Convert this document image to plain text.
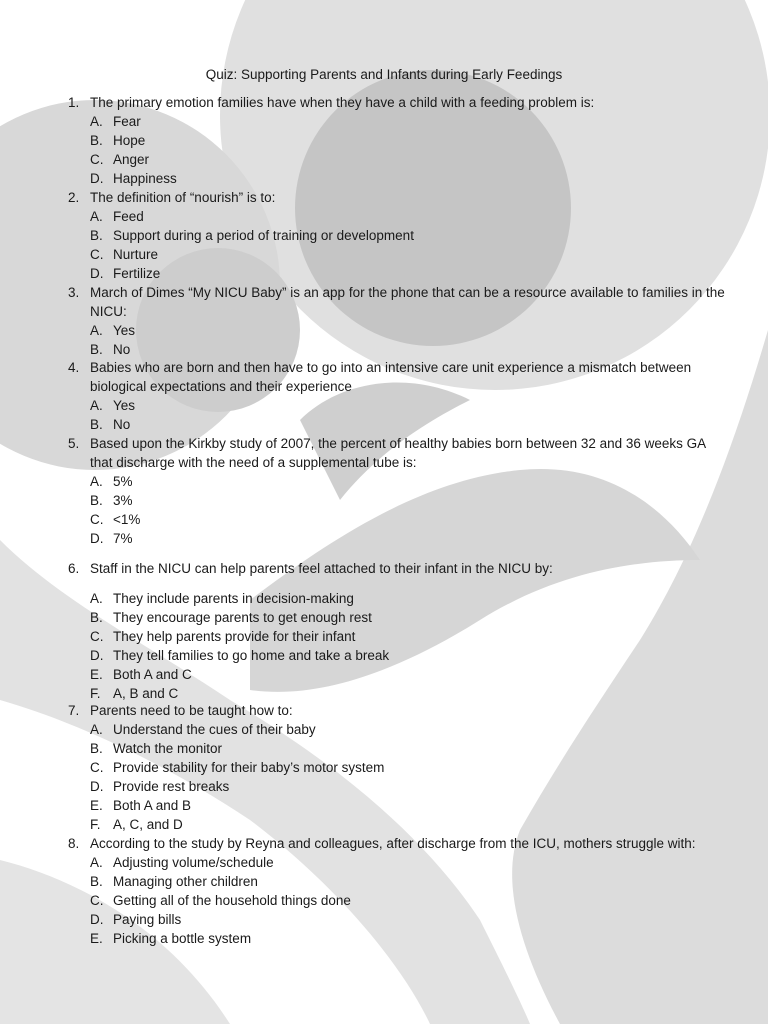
Quiz: Supporting Parents and Infants during Early Feedings
1. The primary emotion families have when they have a child with a feeding problem is:
A. Fear
B. Hope
C. Anger
D. Happiness
2. The definition of “nourish” is to:
A. Feed
B. Support during a period of training or development
C. Nurture
D. Fertilize
3. March of Dimes “My NICU Baby” is an app for the phone that can be a resource available to families in the NICU:
A. Yes
B. No
4. Babies who are born and then have to go into an intensive care unit experience a mismatch between biological expectations and their experience
A. Yes
B. No
5. Based upon the Kirkby study of 2007, the percent of healthy babies born between 32 and 36 weeks GA that discharge with the need of a supplemental tube is:
A. 5%
B. 3%
C. <1%
D. 7%
6. Staff in the NICU can help parents feel attached to their infant in the NICU by:
A. They include parents in decision-making
B. They encourage parents to get enough rest
C. They help parents provide for their infant
D. They tell families to go home and take a break
E. Both A and C
F. A, B and C
7. Parents need to be taught how to:
A. Understand the cues of their baby
B. Watch the monitor
C. Provide stability for their baby’s motor system
D. Provide rest breaks
E. Both A and B
F. A, C, and D
8. According to the study by Reyna and colleagues, after discharge from the ICU, mothers struggle with:
A. Adjusting volume/schedule
B. Managing other children
C. Getting all of the household things done
D. Paying bills
E. Picking a bottle system
